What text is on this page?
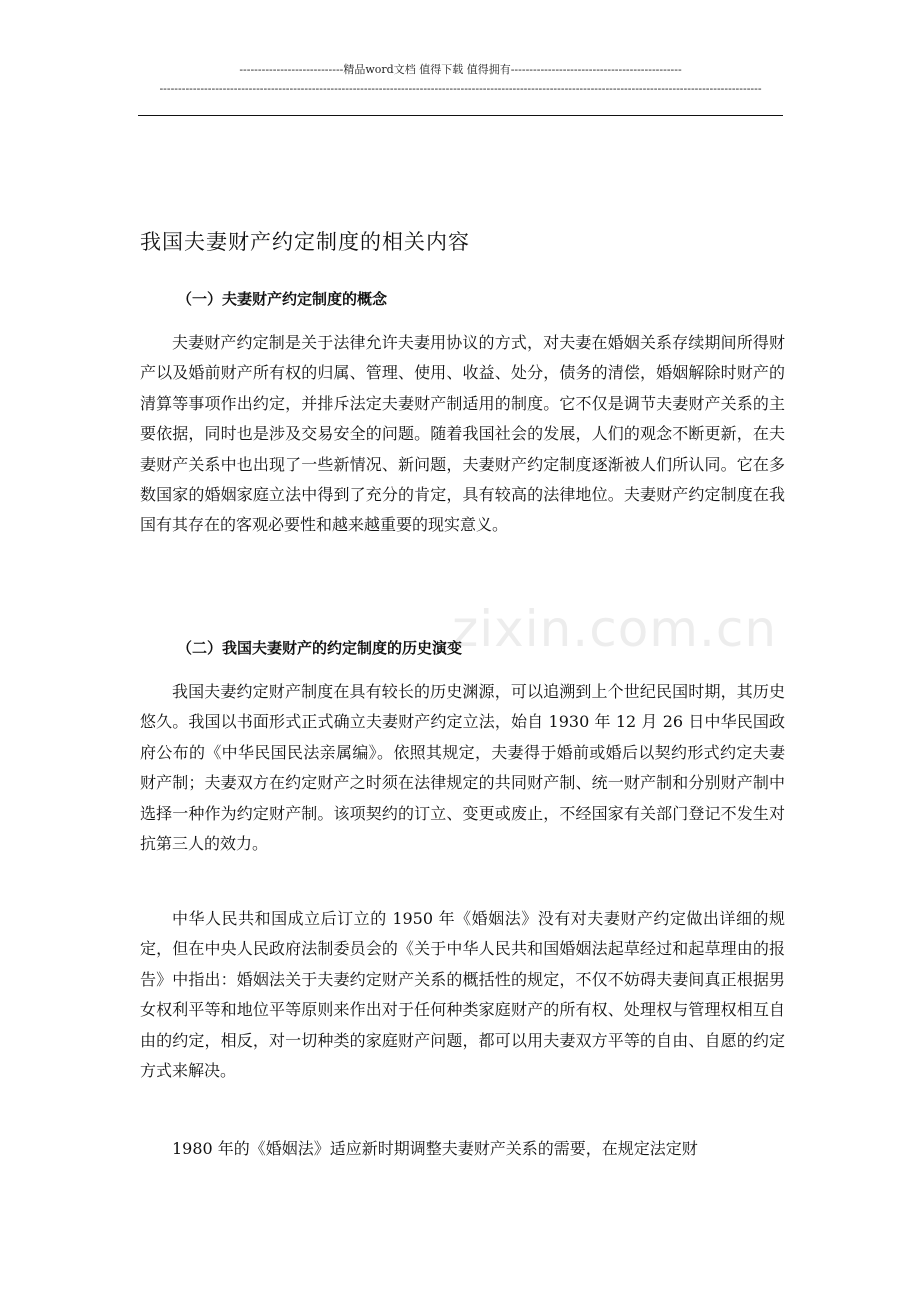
----------------------------精品word文档 值得下载 值得拥有----------------------------------------------
------------------------------------------------------------------------------------------------------------------------------------------------------------------
我国夫妻财产约定制度的相关内容
（一）夫妻财产约定制度的概念

夫妻财产约定制是关于法律允许夫妻用协议的方式，对夫妻在婚姻关系存续期间所得财产以及婚前财产所有权的归属、管理、使用、收益、处分，债务的清偿，婚姻解除时财产的清算等事项作出约定，并排斥法定夫妻财产制适用的制度。它不仅是调节夫妻财产关系的主要依据，同时也是涉及交易安全的问题。随着我国社会的发展，人们的观念不断更新，在夫妻财产关系中也出现了一些新情况、新问题，夫妻财产约定制度逐渐被人们所认同。它在多数国家的婚姻家庭立法中得到了充分的肯定，具有较高的法律地位。夫妻财产约定制度在我国有其存在的客观必要性和越来越重要的现实意义。

zixin.com.cn
（二）我国夫妻财产的约定制度的历史演变

我国夫妻约定财产制度在具有较长的历史渊源，可以追溯到上个世纪民国时期，其历史悠久。我国以书面形式正式确立夫妻财产约定立法，始自 1930 年 12 月 26 日中华民国政府公布的《中华民国民法亲属编》。依照其规定，夫妻得于婚前或婚后以契约形式约定夫妻财产制；夫妻双方在约定财产之时须在法律规定的共同财产制、统一财产制和分别财产制中选择一种作为约定财产制。该项契约的订立、变更或废止，不经国家有关部门登记不发生对抗第三人的效力。

中华人民共和国成立后订立的 1950 年《婚姻法》没有对夫妻财产约定做出详细的规定，但在中央人民政府法制委员会的《关于中华人民共和国婚姻法起草经过和起草理由的报告》中指出：婚姻法关于夫妻约定财产关系的概括性的规定，不仅不妨碍夫妻间真正根据男女权利平等和地位平等原则来作出对于任何种类家庭财产的所有权、处理权与管理权相互自由的约定，相反，对一切种类的家庭财产问题，都可以用夫妻双方平等的自由、自愿的约定方式来解决。

1980 年的《婚姻法》适应新时期调整夫妻财产关系的需要，在规定法定财
